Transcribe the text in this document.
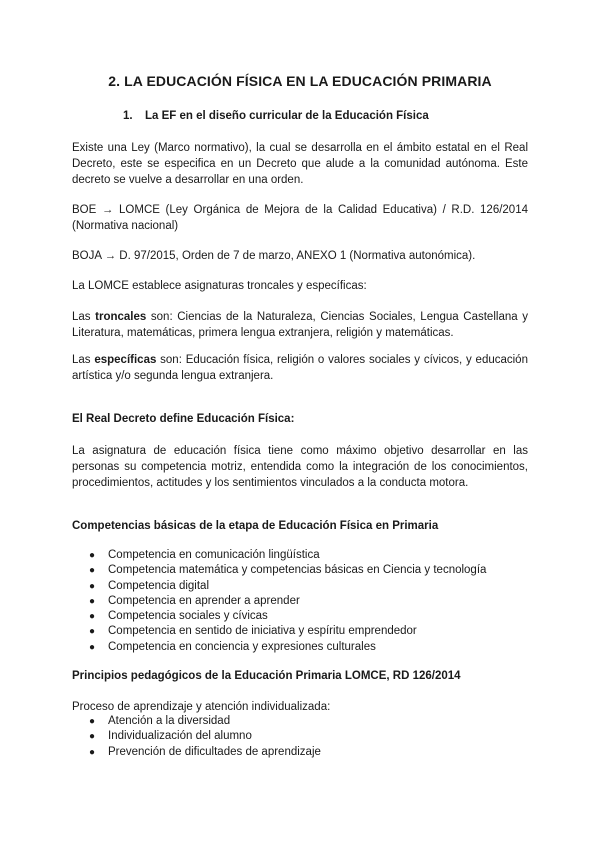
2. LA EDUCACIÓN FÍSICA EN LA EDUCACIÓN PRIMARIA
1. La EF en el diseño curricular de la Educación Física

Existe una Ley (Marco normativo), la cual se desarrolla en el ámbito estatal en el Real Decreto, este se especifica en un Decreto que alude a la comunidad autónoma. Este decreto se vuelve a desarrollar en una orden.

BOE → LOMCE (Ley Orgánica de Mejora de la Calidad Educativa) / R.D. 126/2014 (Normativa nacional)

BOJA → D. 97/2015, Orden de 7 de marzo, ANEXO 1 (Normativa autonómica).

La LOMCE establece asignaturas troncales y específicas:

Las troncales son: Ciencias de la Naturaleza, Ciencias Sociales, Lengua Castellana y Literatura, matemáticas, primera lengua extranjera, religión y matemáticas.

Las específicas son: Educación física, religión o valores sociales y cívicos, y educación artística y/o segunda lengua extranjera.

El Real Decreto define Educación Física:

La asignatura de educación física tiene como máximo objetivo desarrollar en las personas su competencia motriz, entendida como la integración de los conocimientos, procedimientos, actitudes y los sentimientos vinculados a la conducta motora.

Competencias básicas de la etapa de Educación Física en Primaria
● Competencia en comunicación lingüística
● Competencia matemática y competencias básicas en Ciencia y tecnología
● Competencia digital
● Competencia en aprender a aprender
● Competencia sociales y cívicas
● Competencia en sentido de iniciativa y espíritu emprendedor
● Competencia en conciencia y expresiones culturales
Principios pedagógicos de la Educación Primaria LOMCE, RD 126/2014

Proceso de aprendizaje y atención individualizada:

● Atención a la diversidad
● Individualización del alumno
● Prevención de dificultades de aprendizaje
